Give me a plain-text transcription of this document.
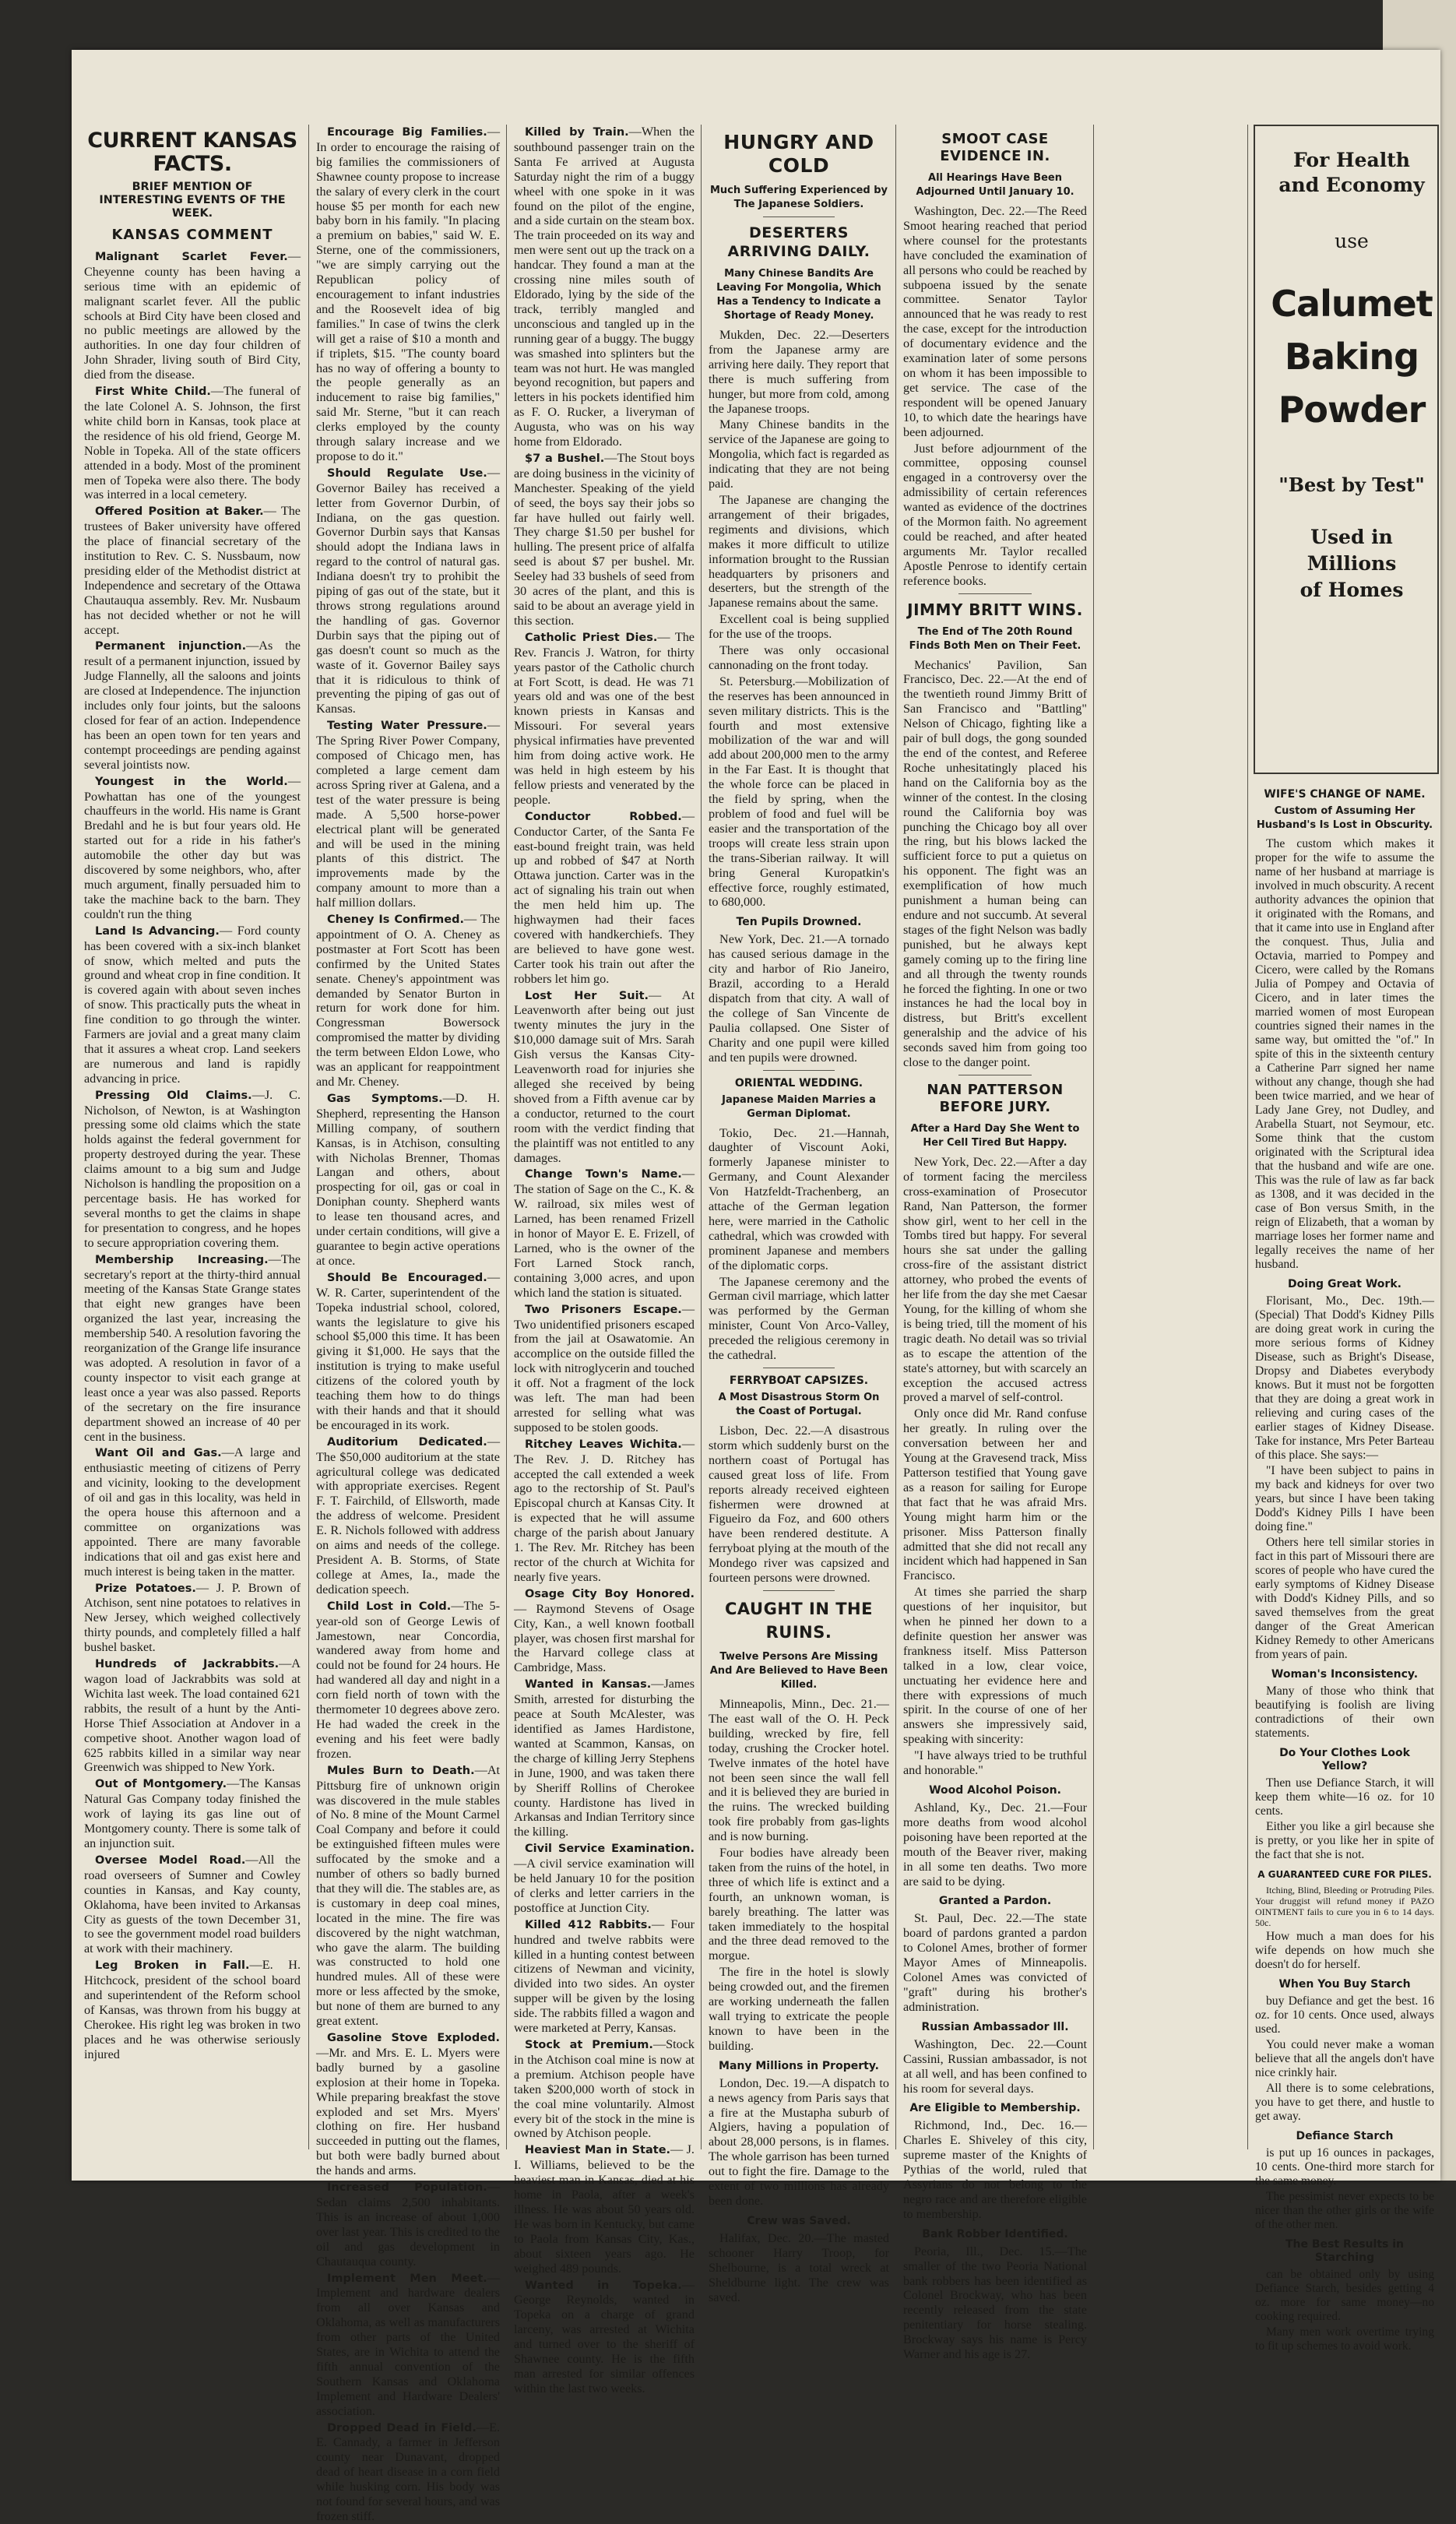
CURRENT KANSAS FACTS.
BRIEF MENTION OF INTERESTING EVENTS OF THE WEEK.
KANSAS COMMENT

Malignant Scarlet Fever.— Cheyenne county has been having a serious time with an epidemic of malignant scarlet fever. All the public schools at Bird City have been closed and no public meetings are allowed by the authorities. In one day four children of John Shrader, living south of Bird City, died from the disease.

First White Child.—The funeral of the late Colonel A. S. Johnson, the first white child born in Kansas, took place at the residence of his old friend, George M. Noble in Topeka. All of the state officers attended in a body. Most of the prominent men of Topeka were also there. The body was interred in a local cemetery.

Offered Position at Baker.— The trustees of Baker university have offered the place of financial secretary of the institution to Rev. C. S. Nussbaum, now presiding elder of the Methodist district at Independence and secretary of the Ottawa Chautauqua assembly. Rev. Mr. Nusbaum has not decided whether or not he will accept.

Permanent injunction.—As the result of a permanent injunction, issued by Judge Flannelly, all the saloons and joints are closed at Independence. The injunction includes only four joints, but the saloons closed for fear of an action. Independence has been an open town for ten years and contempt proceedings are pending against several jointists now.

Youngest in the World.—Powhattan has one of the youngest chauffeurs in the world. His name is Grant Bredahl and he is but four years old. He started out for a ride in his father's automobile the other day but was discovered by some neighbors, who, after much argument, finally persuaded him to take the machine back to the barn. They couldn't run the thing

Land Is Advancing.— Ford county has been covered with a six-inch blanket of snow, which melted and puts the ground and wheat crop in fine condition. It is covered again with about seven inches of snow. This practically puts the wheat in fine condition to go through the winter. Farmers are jovial and a great many claim that it assures a wheat crop. Land seekers are numerous and land is rapidly advancing in price.

Pressing Old Claims.—J. C. Nicholson, of Newton, is at Washington pressing some old claims which the state holds against the federal government for property destroyed during the year. These claims amount to a big sum and Judge Nicholson is handling the proposition on a percentage basis. He has worked for several months to get the claims in shape for presentation to congress, and he hopes to secure appropriation covering them.

Membership Increasing.—The secretary's report at the thirty-third annual meeting of the Kansas State Grange states that eight new granges have been organized the last year, increasing the membership 540. A resolution favoring the reorganization of the Grange life insurance was adopted. A resolution in favor of a county inspector to visit each grange at least once a year was also passed. Reports of the secretary on the fire insurance department showed an increase of 40 per cent in the business.

Want Oil and Gas.—A large and enthusiastic meeting of citizens of Perry and vicinity, looking to the development of oil and gas in this locality, was held in the opera house this afternoon and a committee on organizations was appointed. There are many favorable indications that oil and gas exist here and much interest is being taken in the matter.

Prize Potatoes.— J. P. Brown of Atchison, sent nine potatoes to relatives in New Jersey, which weighed collectively thirty pounds, and completely filled a half bushel basket.

Hundreds of Jackrabbits.—A wagon load of Jackrabbits was sold at Wichita last week. The load contained 621 rabbits, the result of a hunt by the Anti-Horse Thief Association at Andover in a competive shoot. Another wagon load of 625 rabbits killed in a similar way near Greenwich was shipped to New York.

Out of Montgomery.—The Kansas Natural Gas Company today finished the work of laying its gas line out of Montgomery county. There is some talk of an injunction suit.

Oversee Model Road.—All the road overseers of Sumner and Cowley counties in Kansas, and Kay county, Oklahoma, have been invited to Arkansas City as guests of the town December 31, to see the government model road builders at work with their machinery.

Leg Broken in Fall.—E. H. Hitchcock, president of the school board and superintendent of the Reform school of Kansas, was thrown from his buggy at Cherokee. His right leg was broken in two places and he was otherwise seriously injured

Encourage Big Families.—In order to encourage the raising of big families the commissioners of Shawnee county propose to increase the salary of every clerk in the court house $5 per month for each new baby born in his family. "In placing a premium on babies," said W. E. Sterne, one of the commissioners, "we are simply carrying out the Republican policy of encouragement to infant industries and the Roosevelt idea of big families." In case of twins the clerk will get a raise of $10 a month and if triplets, $15. "The county board has no way of offering a bounty to the people generally as an inducement to raise big families," said Mr. Sterne, "but it can reach clerks employed by the county through salary increase and we propose to do it."

Should Regulate Use.— Governor Bailey has received a letter from Governor Durbin, of Indiana, on the gas question. Governor Durbin says that Kansas should adopt the Indiana laws in regard to the control of natural gas. Indiana doesn't try to prohibit the piping of gas out of the state, but it throws strong regulations around the handling of gas. Governor Durbin says that the piping out of gas doesn't count so much as the waste of it. Governor Bailey says that it is ridiculous to think of preventing the piping of gas out of Kansas.

Testing Water Pressure.— The Spring River Power Company, composed of Chicago men, has completed a large cement dam across Spring river at Galena, and a test of the water pressure is being made. A 5,500 horse-power electrical plant will be generated and will be used in the mining plants of this district. The improvements made by the company amount to more than a half million dollars.

Cheney Is Confirmed.— The appointment of O. A. Cheney as postmaster at Fort Scott has been confirmed by the United States senate. Cheney's appointment was demanded by Senator Burton in return for work done for him. Congressman Bowersock compromised the matter by dividing the term between Eldon Lowe, who was an applicant for reappointment and Mr. Cheney.

Gas Symptoms.—D. H. Shepherd, representing the Hanson Milling company, of southern Kansas, is in Atchison, consulting with Nicholas Brenner, Thomas Langan and others, about prospecting for oil, gas or coal in Doniphan county. Shepherd wants to lease ten thousand acres, and under certain conditions, will give a guarantee to begin active operations at once.

Should Be Encouraged.—W. R. Carter, superintendent of the Topeka industrial school, colored, wants the legislature to give his school $5,000 this time. It has been giving it $1,000. He says that the institution is trying to make useful citizens of the colored youth by teaching them how to do things with their hands and that it should be encouraged in its work.

Auditorium Dedicated.—The $50,000 auditorium at the state agricultural college was dedicated with appropriate exercises. Regent F. T. Fairchild, of Ellsworth, made the address of welcome. President E. R. Nichols followed with address on aims and needs of the college. President A. B. Storms, of State college at Ames, Ia., made the dedication speech.

Child Lost in Cold.—The 5-year-old son of George Lewis of Jamestown, near Concordia, wandered away from home and could not be found for 24 hours. He had wandered all day and night in a corn field north of town with the thermometer 10 degrees above zero. He had waded the creek in the evening and his feet were badly frozen.

Mules Burn to Death.—At Pittsburg fire of unknown origin was discovered in the mule stables of No. 8 mine of the Mount Carmel Coal Company and before it could be extinguished fifteen mules were suffocated by the smoke and a number of others so badly burned that they will die. The stables are, as is customary in deep coal mines, located in the mine. The fire was discovered by the night watchman, who gave the alarm. The building was constructed to hold one hundred mules. All of these were more or less affected by the smoke, but none of them are burned to any great extent.

Gasoline Stove Exploded.—Mr. and Mrs. E. L. Myers were badly burned by a gasoline explosion at their home in Topeka. While preparing breakfast the stove exploded and set Mrs. Myers' clothing on fire. Her husband succeeded in putting out the flames, but both were badly burned about the hands and arms.

Increased Population.— Sedan claims 2,500 inhabitants. This is an increase of about 1,000 over last year. This is credited to the oil and gas development in Chautauqua county.

Implement Men Meet.—Implement and hardware dealers from all over Kansas and Oklahoma, as well as manufacturers from other parts of the United States, are in Wichita to attend the fifth annual convention of the Southern Kansas and Oklahoma Implement and Hardware Dealers' association.

Dropped Dead in Field.—E. E. Cannady, a farmer in Jefferson county near Dunavant, dropped dead of heart disease in a corn field while husking corn. His body was not found for several hours, and was frozen stiff.

Killed by Train.—When the southbound passenger train on the Santa Fe arrived at Augusta Saturday night the rim of a buggy wheel with one spoke in it was found on the pilot of the engine, and a side curtain on the steam box. The train proceeded on its way and men were sent out up the track on a handcar. They found a man at the crossing nine miles south of Eldorado, lying by the side of the track, terribly mangled and unconscious and tangled up in the running gear of a buggy. The buggy was smashed into splinters but the team was not hurt. He was mangled beyond recognition, but papers and letters in his pockets identified him as F. O. Rucker, a liveryman of Augusta, who was on his way home from Eldorado.

$7 a Bushel.—The Stout boys are doing business in the vicinity of Manchester. Speaking of the yield of seed, the boys say their jobs so far have hulled out fairly well. They charge $1.50 per bushel for hulling. The present price of alfalfa seed is about $7 per bushel. Mr. Seeley had 33 bushels of seed from 30 acres of the plant, and this is said to be about an average yield in this section.

Catholic Priest Dies.— The Rev. Francis J. Watron, for thirty years pastor of the Catholic church at Fort Scott, is dead. He was 71 years old and was one of the best known priests in Kansas and Missouri. For several years physical infirmaties have prevented him from doing active work. He was held in high esteem by his fellow priests and venerated by the people.

Conductor Robbed.—Conductor Carter, of the Santa Fe east-bound freight train, was held up and robbed of $47 at North Ottawa junction. Carter was in the act of signaling his train out when the men held him up. The highwaymen had their faces covered with handkerchiefs. They are believed to have gone west. Carter took his train out after the robbers let him go.

Lost Her Suit.— At Leavenworth after being out just twenty minutes the jury in the $10,000 damage suit of Mrs. Sarah Gish versus the Kansas City-Leavenworth road for injuries she alleged she received by being shoved from a Fifth avenue car by a conductor, returned to the court room with the verdict finding that the plaintiff was not entitled to any damages.

Change Town's Name.— The station of Sage on the C., K. & W. railroad, six miles west of Larned, has been renamed Frizell in honor of Mayor E. E. Frizell, of Larned, who is the owner of the Fort Larned Stock ranch, containing 3,000 acres, and upon which land the station is situated.

Two Prisoners Escape.— Two unidentified prisoners escaped from the jail at Osawatomie. An accomplice on the outside filled the lock with nitroglycerin and touched it off. Not a fragment of the lock was left. The man had been arrested for selling what was supposed to be stolen goods.

Ritchey Leaves Wichita.—The Rev. J. D. Ritchey has accepted the call extended a week ago to the rectorship of St. Paul's Episcopal church at Kansas City. It is expected that he will assume charge of the parish about January 1. The Rev. Mr. Ritchey has been rector of the church at Wichita for nearly five years.

Osage City Boy Honored.— Raymond Stevens of Osage City, Kan., a well known football player, was chosen first marshal for the Harvard college class at Cambridge, Mass.

Wanted in Kansas.—James Smith, arrested for disturbing the peace at South McAlester, was identified as James Hardistone, wanted at Scammon, Kansas, on the charge of killing Jerry Stephens in June, 1900, and was taken there by Sheriff Rollins of Cherokee county. Hardistone has lived in Arkansas and Indian Territory since the killing.

Civil Service Examination.—A civil service examination will be held January 10 for the position of clerks and letter carriers in the postoffice at Junction City.

Killed 412 Rabbits.— Four hundred and twelve rabbits were killed in a hunting contest between citizens of Newman and vicinity, divided into two sides. An oyster supper will be given by the losing side. The rabbits filled a wagon and were marketed at Perry, Kansas.

Stock at Premium.—Stock in the Atchison coal mine is now at a premium. Atchison people have taken $200,000 worth of stock in the coal mine voluntarily. Almost every bit of the stock in the mine is owned by Atchison people.

Heaviest Man in State.— J. I. Williams, believed to be the heaviest man in Kansas, died at his home in Paola, after a week's illness. He was about 50 years old. He was born in Kentucky, but came to Paola from Kansas City, Kas., about sixteen years ago. He weighed 489 pounds.

Wanted in Topeka.— George Reynolds, wanted in Topeka on a charge of grand larceny, was arrested at Wichita and turned over to the sheriff of Shawnee county. He is the fifth man arrested for similar offences within the last two weeks.

HUNGRY AND COLD
Much Suffering Experienced by The Japanese Soldiers.
DESERTERS ARRIVING DAILY.
Many Chinese Bandits Are Leaving For Mongolia, Which Has a Tendency to Indicate a Shortage of Ready Money.

Mukden, Dec. 22.—Deserters from the Japanese army are arriving here daily. They report that there is much suffering from hunger, but more from cold, among the Japanese troops.

Many Chinese bandits in the service of the Japanese are going to Mongolia, which fact is regarded as indicating that they are not being paid.

The Japanese are changing the arrangement of their brigades, regiments and divisions, which makes it more difficult to utilize information brought to the Russian headquarters by prisoners and deserters, but the strength of the Japanese remains about the same.

Excellent coal is being supplied for the use of the troops.

There was only occasional cannonading on the front today.

St. Petersburg.—Mobilization of the reserves has been announced in seven military districts. This is the fourth and most extensive mobilization of the war and will add about 200,000 men to the army in the Far East. It is thought that the whole force can be placed in the field by spring, when the problem of food and fuel will be easier and the transportation of the troops will create less strain upon the trans-Siberian railway. It will bring General Kuropatkin's effective force, roughly estimated, to 680,000.

Ten Pupils Drowned.

New York, Dec. 21.—A tornado has caused serious damage in the city and harbor of Rio Janeiro, Brazil, according to a Herald dispatch from that city. A wall of the college of San Vincente de Paulia collapsed. One Sister of Charity and one pupil were killed and ten pupils were drowned.

ORIENTAL WEDDING.
Japanese Maiden Marries a German Diplomat.

Tokio, Dec. 21.—Hannah, daughter of Viscount Aoki, formerly Japanese minister to Germany, and Count Alexander Von Hatzfeldt-Trachenberg, an attache of the German legation here, were married in the Catholic cathedral, which was crowded with prominent Japanese and members of the diplomatic corps.

The Japanese ceremony and the German civil marriage, which latter was performed by the German minister, Count Von Arco-Valley, preceded the religious ceremony in the cathedral.

FERRYBOAT CAPSIZES.
A Most Disastrous Storm On the Coast of Portugal.

Lisbon, Dec. 22.—A disastrous storm which suddenly burst on the northern coast of Portugal has caused great loss of life. From reports already received eighteen fishermen were drowned at Figueiro da Foz, and 600 others have been rendered destitute. A ferryboat plying at the mouth of the Mondego river was capsized and fourteen persons were drowned.

CAUGHT IN THE RUINS.
Twelve Persons Are Missing And Are Believed to Have Been Killed.

Minneapolis, Minn., Dec. 21.—The east wall of the O. H. Peck building, wrecked by fire, fell today, crushing the Crocker hotel. Twelve inmates of the hotel have not been seen since the wall fell and it is believed they are buried in the ruins. The wrecked building took fire probably from gas-lights and is now burning.

Four bodies have already been taken from the ruins of the hotel, in three of which life is extinct and a fourth, an unknown woman, is barely breathing. The latter was taken immediately to the hospital and the three dead removed to the morgue.

The fire in the hotel is slowly being crowded out, and the firemen are working underneath the fallen wall trying to extricate the people known to have been in the building.

Many Millions in Property.

London, Dec. 19.—A dispatch to a news agency from Paris says that a fire at the Mustapha suburb of Algiers, having a population of about 28,000 persons, is in flames. The whole garrison has been turned out to fight the fire. Damage to the extent of two millions has already been done.

Crew was Saved.

Halifax, Dec. 20.—The masted schooner Harry Troop, for Shelbourne, is a total wreck at Sheldburne light. The crew was saved.

SMOOT CASE EVIDENCE IN.
All Hearings Have Been Adjourned Until January 10.

Washington, Dec. 22.—The Reed Smoot hearing reached that period where counsel for the protestants have concluded the examination of all persons who could be reached by subpoena issued by the senate committee. Senator Taylor announced that he was ready to rest the case, except for the introduction of documentary evidence and the examination later of some persons on whom it has been impossible to get service. The case of the respondent will be opened January 10, to which date the hearings have been adjourned.

Just before adjournment of the committee, opposing counsel engaged in a controversy over the admissibility of certain references wanted as evidence of the doctrines of the Mormon faith. No agreement could be reached, and after heated arguments Mr. Taylor recalled Apostle Penrose to identify certain reference books.

JIMMY BRITT WINS.
The End of The 20th Round Finds Both Men on Their Feet.

Mechanics' Pavilion, San Francisco, Dec. 22.—At the end of the twentieth round Jimmy Britt of San Francisco and "Battling" Nelson of Chicago, fighting like a pair of bull dogs, the gong sounded the end of the contest, and Referee Roche unhesitatingly placed his hand on the California boy as the winner of the contest. In the closing round the California boy was punching the Chicago boy all over the ring, but his blows lacked the sufficient force to put a quietus on his opponent. The fight was an exemplification of how much punishment a human being can endure and not succumb. At several stages of the fight Nelson was badly punished, but he always kept gamely coming up to the firing line and all through the twenty rounds he forced the fighting. In one or two instances he had the local boy in distress, but Britt's excellent generalship and the advice of his seconds saved him from going too close to the danger point.

NAN PATTERSON BEFORE JURY.
After a Hard Day She Went to Her Cell Tired But Happy.

New York, Dec. 22.—After a day of torment facing the merciless cross-examination of Prosecutor Rand, Nan Patterson, the former show girl, went to her cell in the Tombs tired but happy. For several hours she sat under the galling cross-fire of the assistant district attorney, who probed the events of her life from the day she met Caesar Young, for the killing of whom she is being tried, till the moment of his tragic death. No detail was so trivial as to escape the attention of the state's attorney, but with scarcely an exception the accused actress proved a marvel of self-control.

Only once did Mr. Rand confuse her greatly. In ruling over the conversation between her and Young at the Gravesend track, Miss Patterson testified that Young gave as a reason for sailing for Europe that fact that he was afraid Mrs. Young might harm him or the prisoner. Miss Patterson finally admitted that she did not recall any incident which had happened in San Francisco.

At times she parried the sharp questions of her inquisitor, but when he pinned her down to a definite question her answer was frankness itself. Miss Patterson talked in a low, clear voice, unctuating her evidence here and there with expressions of much spirit. In the course of one of her answers she impressively said, speaking with sincerity:

"I have always tried to be truthful and honorable."

Wood Alcohol Poison.

Ashland, Ky., Dec. 21.—Four more deaths from wood alcohol poisoning have been reported at the mouth of the Beaver river, making in all some ten deaths. Two more are said to be dying.

Granted a Pardon.

St. Paul, Dec. 22.—The state board of pardons granted a pardon to Colonel Ames, brother of former Mayor Ames of Minneapolis. Colonel Ames was convicted of "graft" during his brother's administration.

Russian Ambassador Ill.

Washington, Dec. 22.—Count Cassini, Russian ambassador, is not at all well, and has been confined to his room for several days.

Are Eligible to Membership.

Richmond, Ind., Dec. 16.—Charles E. Shiveley of this city, supreme master of the Knights of Pythias of the world, ruled that Assyrians do not belong to the negro race and are therefore eligible to membership.

Bank Robber Identified.

Peoria, Ill., Dec. 15.—The smaller of the two Peoria National bank robbers has been identified as Colonel Brockway, who has been recently released from the state penitentiary for horse stealing. Brockway says his name is Percy Warner and his age is 27.

For Health
and Economy
use
Calumet
Baking
Powder
"Best by Test"
Used in Millions
of Homes
WIFE'S CHANGE OF NAME.
Custom of Assuming Her Husband's Is Lost in Obscurity.

The custom which makes it proper for the wife to assume the name of her husband at marriage is involved in much obscurity. A recent authority advances the opinion that it originated with the Romans, and that it came into use in England after the conquest. Thus, Julia and Octavia, married to Pompey and Cicero, were called by the Romans Julia of Pompey and Octavia of Cicero, and in later times the married women of most European countries signed their names in the same way, but omitted the "of." In spite of this in the sixteenth century a Catherine Parr signed her name without any change, though she had been twice married, and we hear of Lady Jane Grey, not Dudley, and Arabella Stuart, not Seymour, etc. Some think that the custom originated with the Scriptural idea that the husband and wife are one. This was the rule of law as far back as 1308, and it was decided in the case of Bon versus Smith, in the reign of Elizabeth, that a woman by marriage loses her former name and legally receives the name of her husband.

Doing Great Work.

Florisant, Mo., Dec. 19th.—(Special) That Dodd's Kidney Pills are doing great work in curing the more serious forms of Kidney Disease, such as Bright's Disease, Dropsy and Diabetes everybody knows. But it must not be forgotten that they are doing a great work in relieving and curing cases of the earlier stages of Kidney Disease. Take for instance, Mrs Peter Barteau of this place. She says:—

"I have been subject to pains in my back and kidneys for over two years, but since I have been taking Dodd's Kidney Pills I have been doing fine."

Others here tell similar stories in fact in this part of Missouri there are scores of people who have cured the early symptoms of Kidney Disease with Dodd's Kidney Pills, and so saved themselves from the great danger of the Great American Kidney Remedy to other Americans from years of pain.

Woman's Inconsistency.

Many of those who think that beautifying is foolish are living contradictions of their own statements.

Do Your Clothes Look Yellow?

Then use Defiance Starch, it will keep them white—16 oz. for 10 cents.

Either you like a girl because she is pretty, or you like her in spite of the fact that she is not.

A GUARANTEED CURE FOR PILES.

Itching, Blind, Bleeding or Protruding Piles. Your druggist will refund money if PAZO OINTMENT fails to cure you in 6 to 14 days. 50c.

How much a man does for his wife depends on how much she doesn't do for herself.

When You Buy Starch

buy Defiance and get the best. 16 oz. for 10 cents. Once used, always used.

You could never make a woman believe that all the angels don't have nice crinkly hair.

All there is to some celebrations, you have to get there, and hustle to get away.

Defiance Starch

is put up 16 ounces in packages, 10 cents. One-third more starch for the same money.

The pessimist never expects to be nicer than the other girls or the wife of the other men.

The Best Results in Starching

can be obtained only by using Defiance Starch, besides getting 4 oz. more for same money—no cooking required.

Many men work overtime trying to fit up schemes to avoid work.
